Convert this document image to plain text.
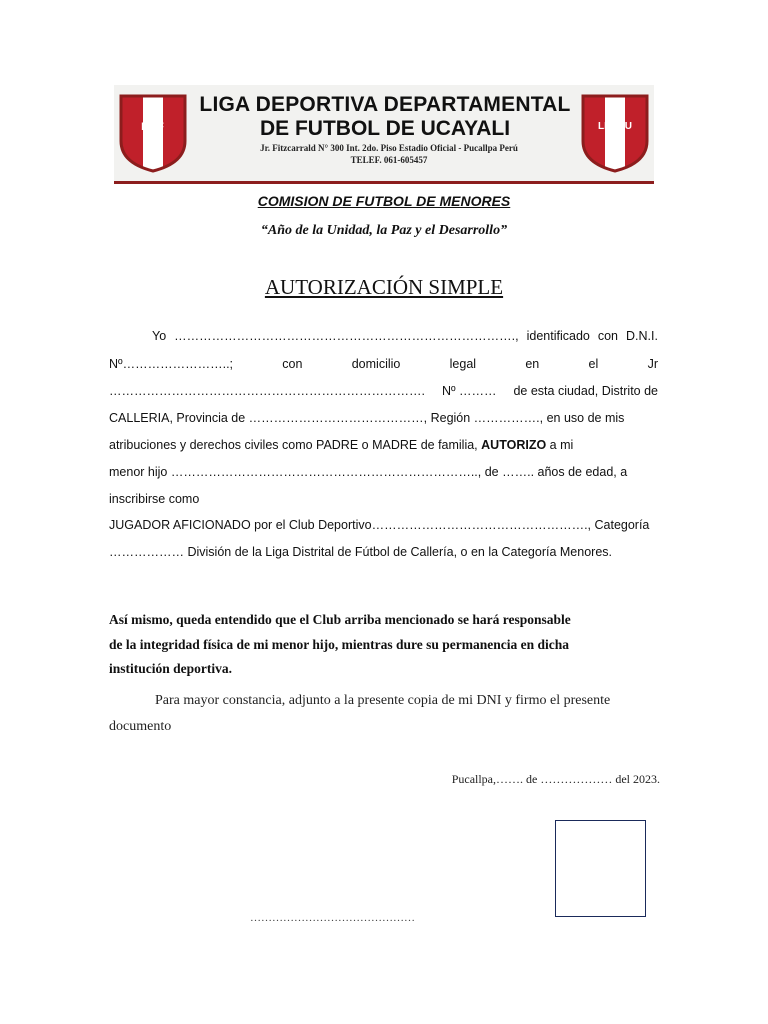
FPF
LIGA DEPORTIVA DEPARTAMENTAL
DE FUTBOL DE UCAYALI
Jr. Fitzcarrald N° 300 Int. 2do. Piso Estadio Oficial - Pucallpa Perú
TELEF. 061-605457
LDDFU
COMISION DE FUTBOL DE MENORES
“Año de la Unidad, la Paz y el Desarrollo”
AUTORIZACIÓN SIMPLE
Yo ………………………………………………………………………., identificado con D.N.I.
Nº……………………..;	con	domicilio	legal	en	el	Jr
…………………………………………………………………. Nº ……… de esta ciudad, Distrito de
CALLERIA, Provincia de ……………………………………, Región ……………., en uso de mis
atribuciones y derechos civiles como PADRE o MADRE de familia, AUTORIZO a mi
menor hijo ……………………………………………………………….., de …….. años de edad, a
inscribirse como
JUGADOR AFICIONADO por el Club Deportivo……………………………………………., Categoría
……………… División de la Liga Distrital de Fútbol de Callería, o en la Categoría Menores.
Así mismo, queda entendido que el Club arriba mencionado se hará responsable
de la integridad física de mi menor hijo, mientras dure su permanencia en dicha
institución deportiva.
Para mayor constancia, adjunto a la presente copia de mi DNI y firmo el presente
documento
Pucallpa,……. de ……………… del 2023.
………………………………………
